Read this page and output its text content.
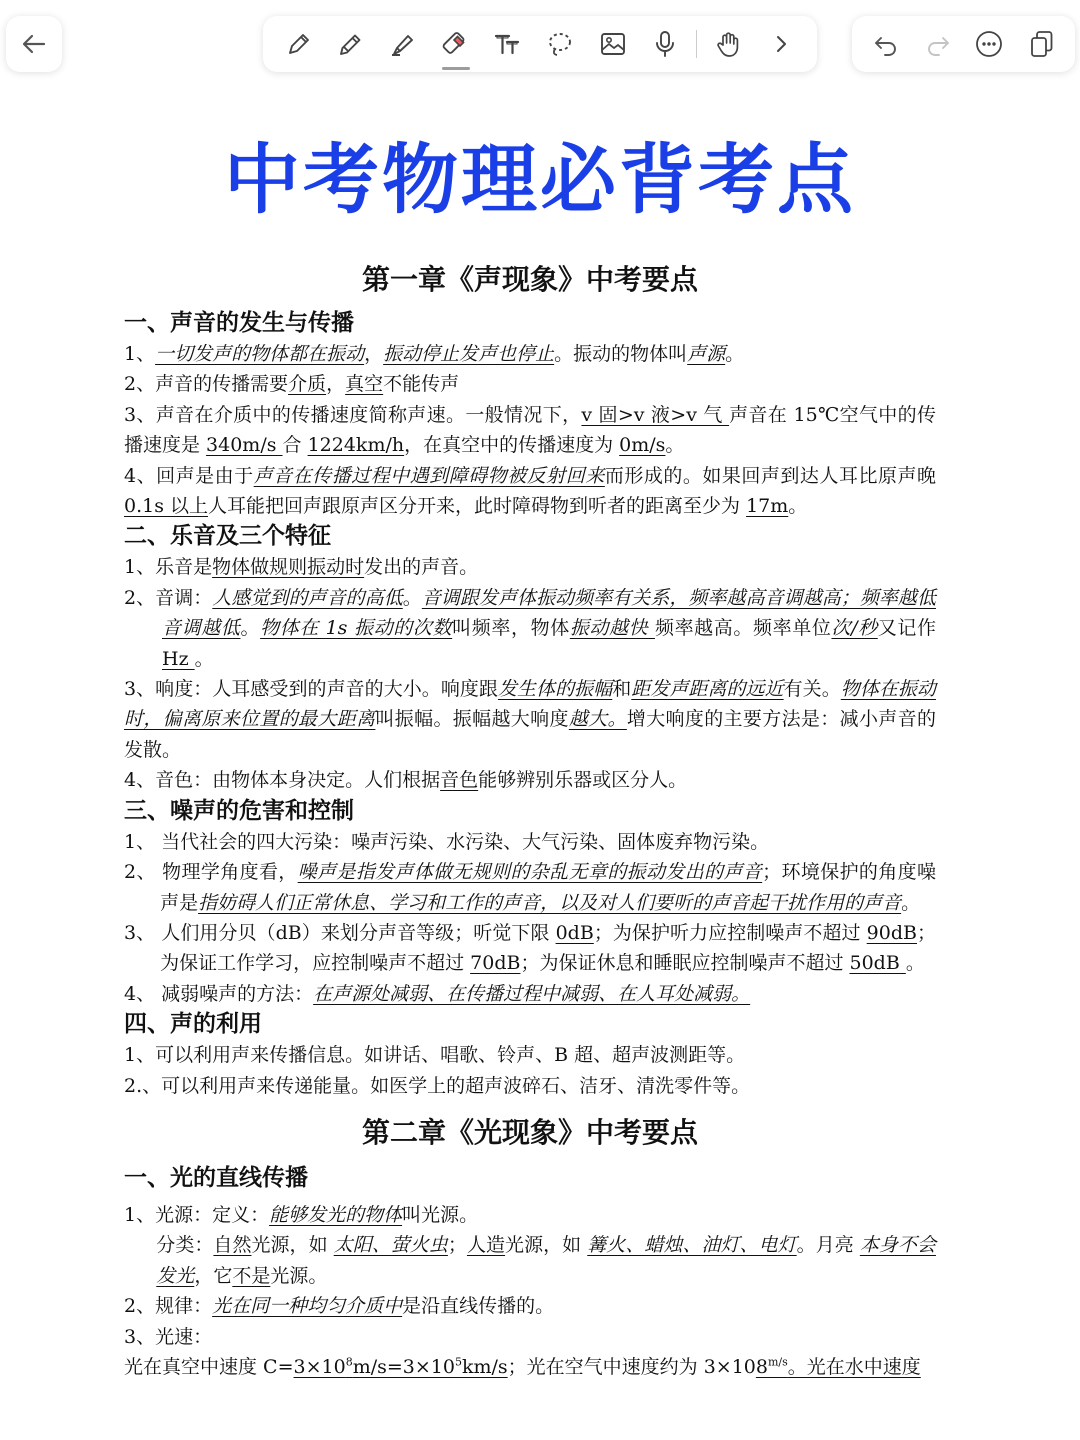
中考物理必背考点
第一章《声现象》中考要点
一、声音的发生与传播

1、一切发声的物体都在振动，振动停止发声也停止。振动的物体叫声源。

2、声音的传播需要介质，真空不能传声

3、声音在介质中的传播速度简称声速。一般情况下，v 固>v 液>v 气 声音在 15℃空气中的传播速度是 340m/s 合 1224km/h，在真空中的传播速度为 0m/s。

4、回声是由于声音在传播过程中遇到障碍物被反射回来而形成的。如果回声到达人耳比原声晚 0.1s 以上人耳能把回声跟原声区分开来，此时障碍物到听者的距离至少为 17m。

二、乐音及三个特征

1、乐音是物体做规则振动时发出的声音。

2、音调：人感觉到的声音的高低。音调跟发声体振动频率有关系，频率越高音调越高；频率越低音调越低。物体在 1s 振动的次数叫频率，物体振动越快 频率越高。频率单位次/秒又记作Hz 。

3、响度：人耳感受到的声音的大小。响度跟发生体的振幅和距发声距离的远近有关。物体在振动时，偏离原来位置的最大距离叫振幅。振幅越大响度越大。增大响度的主要方法是：减小声音的发散。

4、音色：由物体本身决定。人们根据音色能够辨别乐器或区分人。

三、噪声的危害和控制

1、 当代社会的四大污染：噪声污染、水污染、大气污染、固体废弃物污染。

2、 物理学角度看，噪声是指发声体做无规则的杂乱无章的振动发出的声音；环境保护的角度噪声是指妨碍人们正常休息、学习和工作的声音，以及对人们要听的声音起干扰作用的声音。

3、 人们用分贝（dB）来划分声音等级；听觉下限 0dB；为保护听力应控制噪声不超过 90dB；为保证工作学习，应控制噪声不超过 70dB；为保证休息和睡眠应控制噪声不超过 50dB 。

4、 减弱噪声的方法：在声源处减弱、在传播过程中减弱、在人耳处减弱。

四、声的利用

1、可以利用声来传播信息。如讲话、唱歌、铃声、B 超、超声波测距等。

2.、可以利用声来传递能量。如医学上的超声波碎石、洁牙、清洗零件等。

第二章《光现象》中考要点
一、光的直线传播

1、光源：定义：能够发光的物体叫光源。

分类：自然光源，如 太阳、萤火虫；人造光源，如 篝火、蜡烛、油灯、电灯。月亮 本身不会发光，它不是光源。

2、规律：光在同一种均匀介质中是沿直线传播的。

3、光速：

光在真空中速度 $C=3\times 10^8m/s=3\times 10^5km/s$；光在空气中速度约为 $3\times 108^{m/s}$。光在水中速度
